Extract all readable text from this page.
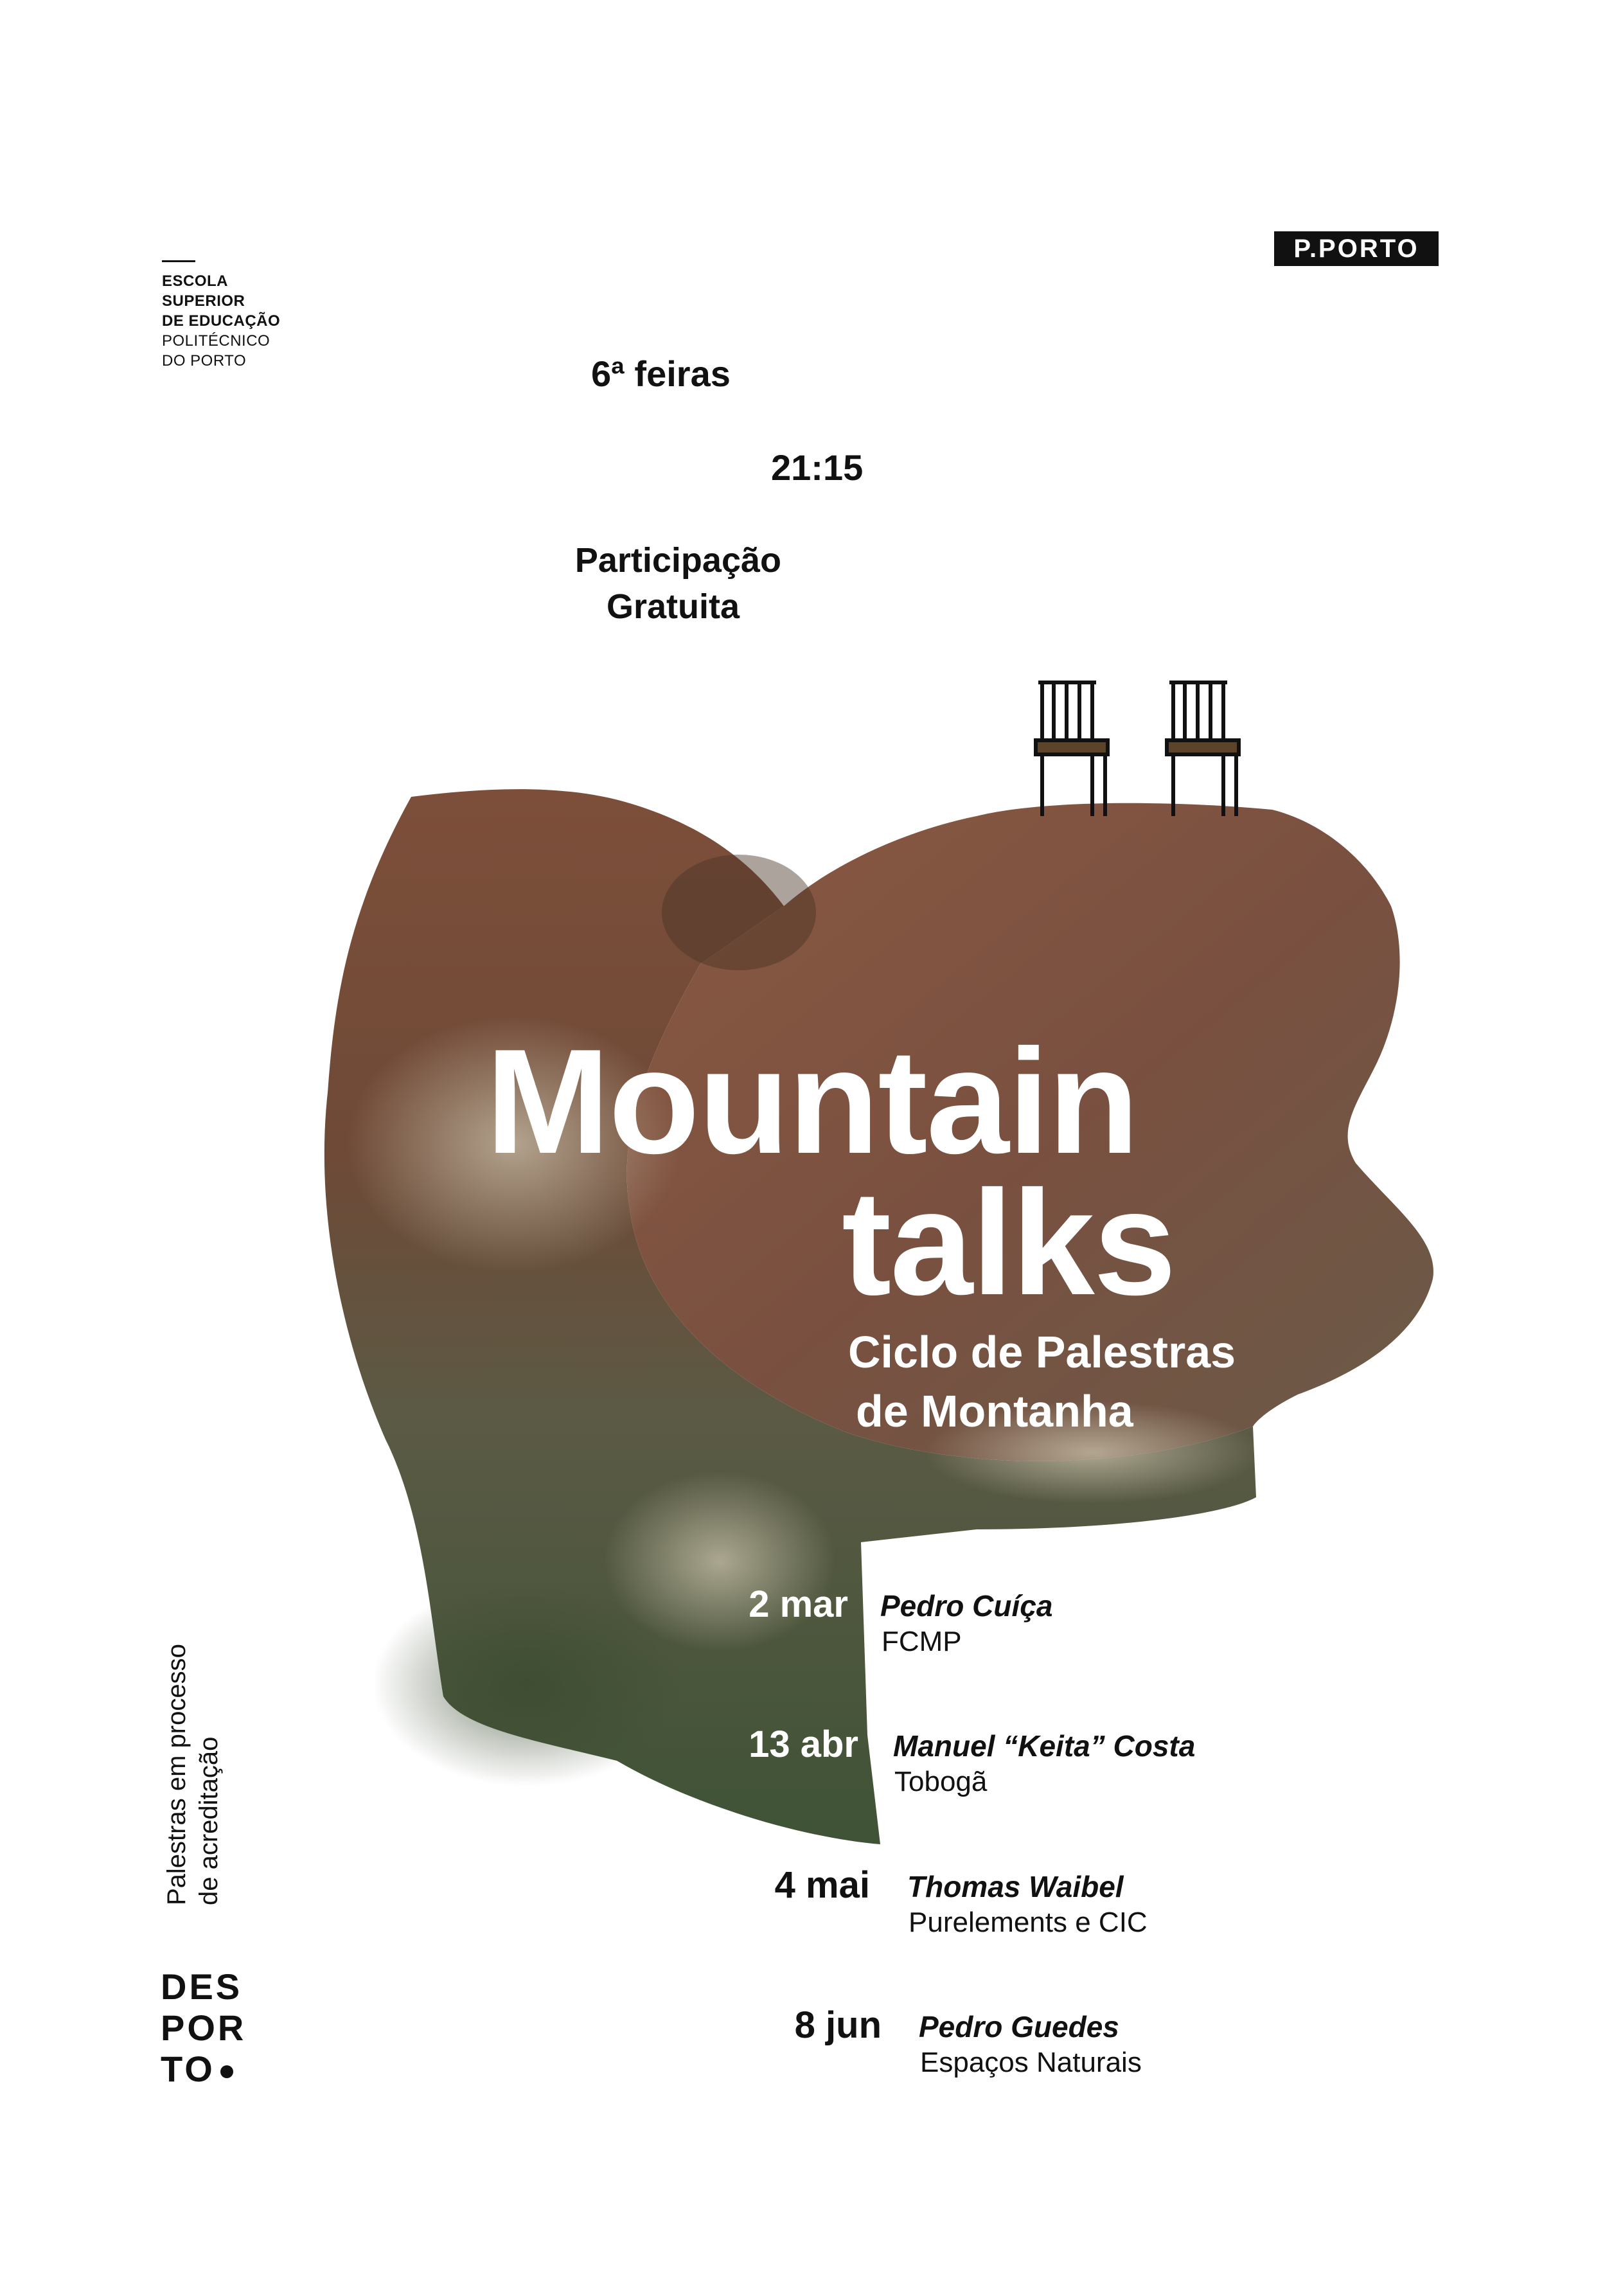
ESCOLA
SUPERIOR
DE EDUCAÇÃO
POLITÉCNICO
DO PORTO
P.PORTO
6ª feiras
21:15
Participação
Gratuita
Mountain
talks
Ciclo de Palestras
de Montanha
2 mar Pedro Cuíça
FCMP
13 abr Manuel “Keita” Costa
Tobogã
4 mai Thomas Waibel
Purelements e CIC
8 jun Pedro Guedes
Espaços Naturais
Palestras em processo de acreditação
DES
POR
TO
